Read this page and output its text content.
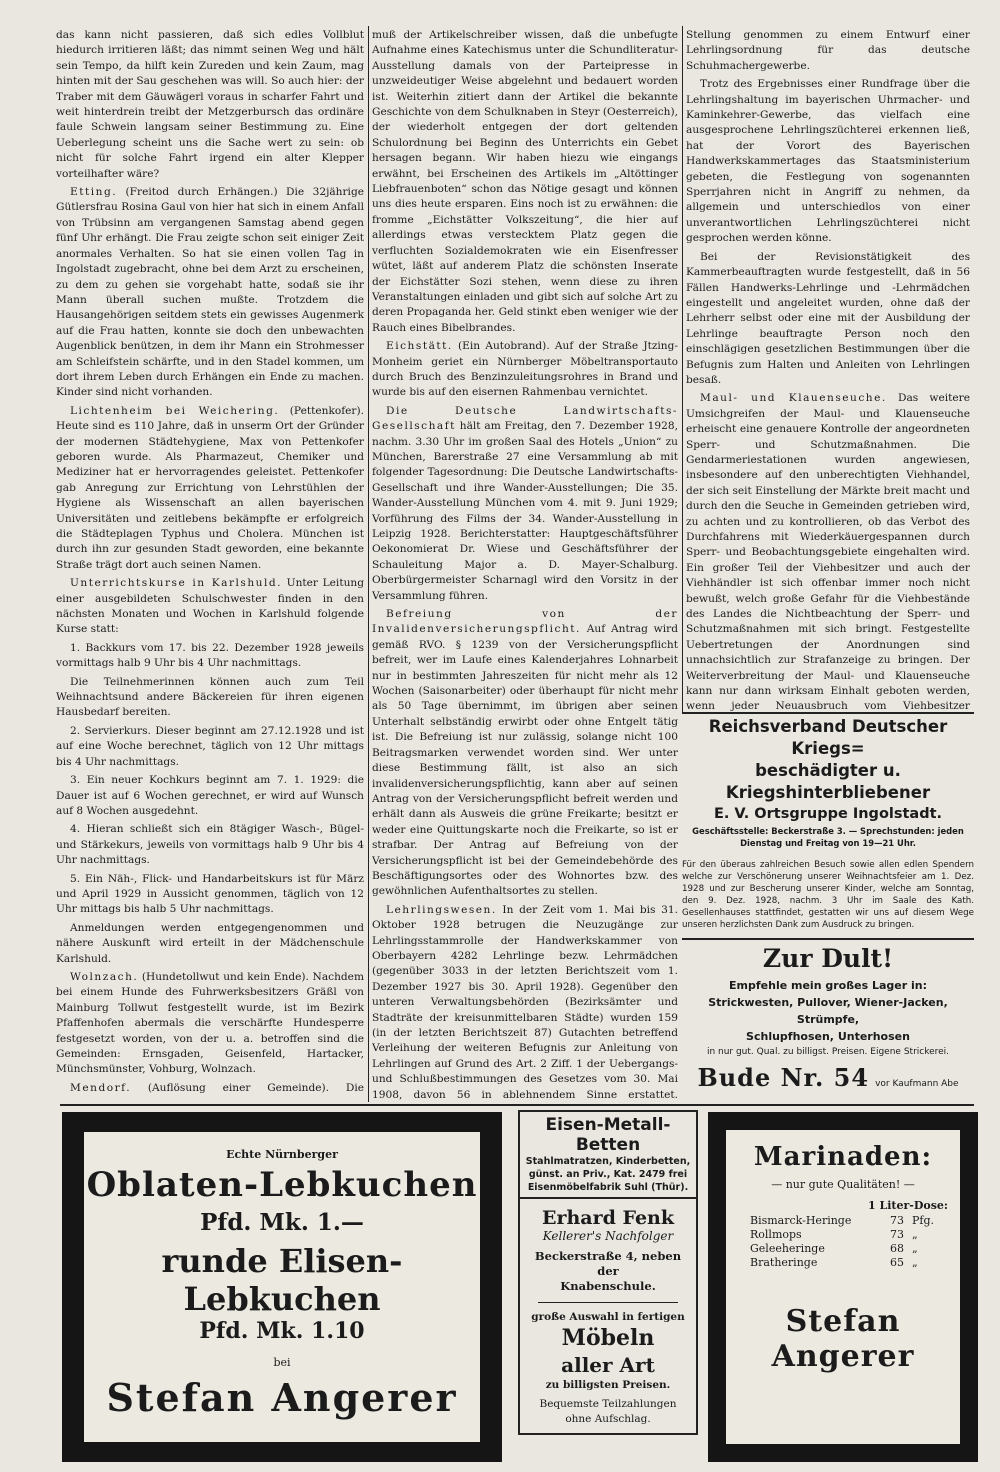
das kann nicht passieren, daß sich edles Vollblut hiedurch irritieren läßt; das nimmt seinen Weg und hält sein Tempo, da hilft kein Zureden und kein Zaum, mag hinten mit der Sau geschehen was will. So auch hier: der Traber mit dem Gäuwägerl voraus in scharfer Fahrt und weit hinterdrein treibt der Metzgerbursch das ordinäre faule Schwein langsam seiner Bestimmung zu. Eine Ueberlegung scheint uns die Sache wert zu sein: ob nicht für solche Fahrt irgend ein alter Klepper vorteilhafter wäre?

Etting. (Freitod durch Erhängen.) Die 32jährige Gütlersfrau Rosina Gaul von hier hat sich in einem Anfall von Trübsinn am vergangenen Samstag abend gegen fünf Uhr erhängt. Die Frau zeigte schon seit einiger Zeit anormales Verhalten. So hat sie einen vollen Tag in Ingolstadt zugebracht, ohne bei dem Arzt zu erscheinen, zu dem zu gehen sie vorgehabt hatte, sodaß sie ihr Mann überall suchen mußte. Trotzdem die Hausangehörigen seitdem stets ein gewisses Augenmerk auf die Frau hatten, konnte sie doch den unbewachten Augenblick benützen, in dem ihr Mann ein Strohmesser am Schleifstein schärfte, und in den Stadel kommen, um dort ihrem Leben durch Erhängen ein Ende zu machen. Kinder sind nicht vorhanden.

Lichtenheim bei Weichering. (Pettenkofer). Heute sind es 110 Jahre, daß in unserm Ort der Gründer der modernen Städtehygiene, Max von Pettenkofer geboren wurde. Als Pharmazeut, Chemiker und Mediziner hat er hervorragendes geleistet. Pettenkofer gab Anregung zur Errichtung von Lehrstühlen der Hygiene als Wissenschaft an allen bayerischen Universitäten und zeitlebens bekämpfte er erfolgreich die Städteplagen Typhus und Cholera. München ist durch ihn zur gesunden Stadt geworden, eine bekannte Straße trägt dort auch seinen Namen.

Unterrichtskurse in Karlshuld. Unter Leitung einer ausgebildeten Schulschwester finden in den nächsten Monaten und Wochen in Karlshuld folgende Kurse statt:

1. Backkurs vom 17. bis 22. Dezember 1928 jeweils vormittags halb 9 Uhr bis 4 Uhr nachmittags.

Die Teilnehmerinnen können auch zum Teil Weihnachtsund andere Bäckereien für ihren eigenen Hausbedarf bereiten.

2. Servierkurs. Dieser beginnt am 27.12.1928 und ist auf eine Woche berechnet, täglich von 12 Uhr mittags bis 4 Uhr nachmittags.

3. Ein neuer Kochkurs beginnt am 7. 1. 1929: die Dauer ist auf 6 Wochen gerechnet, er wird auf Wunsch auf 8 Wochen ausgedehnt.

4. Hieran schließt sich ein 8tägiger Wasch-, Bügel- und Stärkekurs, jeweils von vormittags halb 9 Uhr bis 4 Uhr nachmittags.

5. Ein Näh-, Flick- und Handarbeitskurs ist für März und April 1929 in Aussicht genommen, täglich von 12 Uhr mittags bis halb 5 Uhr nachmittags.

Anmeldungen werden entgegengenommen und nähere Auskunft wird erteilt in der Mädchenschule Karlshuld.

Wolnzach. (Hundetollwut und kein Ende). Nachdem bei einem Hunde des Fuhrwerksbesitzers Gräßl von Mainburg Tollwut festgestellt wurde, ist im Bezirk Pfaffenhofen abermals die verschärfte Hundesperre festgesetzt worden, von der u. a. betroffen sind die Gemeinden: Ernsgaden, Geisenfeld, Hartacker, Münchsmünster, Vohburg, Wolnzach.

Mendorf. (Auflösung einer Gemeinde). Die

muß der Artikelschreiber wissen, daß die unbefugte Aufnahme eines Katechismus unter die Schundliteratur-Ausstellung damals von der Parteipresse in unzweideutiger Weise abgelehnt und bedauert worden ist. Weiterhin zitiert dann der Artikel die bekannte Geschichte von dem Schulknaben in Steyr (Oesterreich), der wiederholt entgegen der dort geltenden Schulordnung bei Beginn des Unterrichts ein Gebet hersagen begann. Wir haben hiezu wie eingangs erwähnt, bei Erscheinen des Artikels im „Altöttinger Liebfrauenboten“ schon das Nötige gesagt und können uns dies heute ersparen. Eins noch ist zu erwähnen: die fromme „Eichstätter Volkszeitung“, die hier auf allerdings etwas verstecktem Platz gegen die verfluchten Sozialdemokraten wie ein Eisenfresser wütet, läßt auf anderem Platz die schönsten Inserate der Eichstätter Sozi stehen, wenn diese zu ihren Veranstaltungen einladen und gibt sich auf solche Art zu deren Propaganda her. Geld stinkt eben weniger wie der Rauch eines Bibelbrandes.

Eichstätt. (Ein Autobrand). Auf der Straße Jtzing-Monheim geriet ein Nürnberger Möbeltransportauto durch Bruch des Benzinzuleitungsrohres in Brand und wurde bis auf den eisernen Rahmenbau vernichtet.

Die Deutsche Landwirtschafts-Gesellschaft hält am Freitag, den 7. Dezember 1928, nachm. 3.30 Uhr im großen Saal des Hotels „Union“ zu München, Barerstraße 27 eine Versammlung ab mit folgender Tagesordnung: Die Deutsche Landwirtschafts-Gesellschaft und ihre Wander-Ausstellungen; Die 35. Wander-Ausstellung München vom 4. mit 9. Juni 1929; Vorführung des Films der 34. Wander-Ausstellung in Leipzig 1928. Berichterstatter: Hauptgeschäftsführer Oekonomierat Dr. Wiese und Geschäftsführer der Schauleitung Major a. D. Mayer-Schalburg. Oberbürgermeister Scharnagl wird den Vorsitz in der Versammlung führen.

Befreiung von der Invalidenversicherungspflicht. Auf Antrag wird gemäß RVO. § 1239 von der Versicherungspflicht befreit, wer im Laufe eines Kalenderjahres Lohnarbeit nur in bestimmten Jahreszeiten für nicht mehr als 12 Wochen (Saisonarbeiter) oder überhaupt für nicht mehr als 50 Tage übernimmt, im übrigen aber seinen Unterhalt selbständig erwirbt oder ohne Entgelt tätig ist. Die Befreiung ist nur zulässig, solange nicht 100 Beitragsmarken verwendet worden sind. Wer unter diese Bestimmung fällt, ist also an sich invalidenversicherungspflichtig, kann aber auf seinen Antrag von der Versicherungspflicht befreit werden und erhält dann als Ausweis die grüne Freikarte; besitzt er weder eine Quittungskarte noch die Freikarte, so ist er strafbar. Der Antrag auf Befreiung von der Versicherungspflicht ist bei der Gemeindebehörde des Beschäftigungsortes oder des Wohnortes bzw. des gewöhnlichen Aufenthaltsortes zu stellen.

Lehrlingswesen. In der Zeit vom 1. Mai bis 31. Oktober 1928 betrugen die Neuzugänge zur Lehrlingsstammrolle der Handwerkskammer von Oberbayern 4282 Lehrlinge bezw. Lehrmädchen (gegenüber 3033 in der letzten Berichtszeit vom 1. Dezember 1927 bis 30. April 1928). Gegenüber den unteren Verwaltungsbehörden (Bezirksämter und Stadträte der kreisunmittelbaren Städte) wurden 159 (in der letzten Berichtszeit 87) Gutachten betreffend Verleihung der weiteren Befugnis zur Anleitung von Lehrlingen auf Grund des Art. 2 Ziff. 1 der Uebergangs- und Schlußbestimmungen des Gesetzes vom 30. Mai 1908, davon 56 in ablehnendem Sinne erstattet.

Stellung genommen zu einem Entwurf einer Lehrlingsordnung für das deutsche Schuhmachergewerbe.

Trotz des Ergebnisses einer Rundfrage über die Lehrlingshaltung im bayerischen Uhrmacher- und Kaminkehrer-Gewerbe, das vielfach eine ausgesprochene Lehrlingszüchterei erkennen ließ, hat der Vorort des Bayerischen Handwerkskammertages das Staatsministerium gebeten, die Festlegung von sogenannten Sperrjahren nicht in Angriff zu nehmen, da allgemein und unterschiedlos von einer unverantwortlichen Lehrlingszüchterei nicht gesprochen werden könne.

Bei der Revisionstätigkeit des Kammerbeauftragten wurde festgestellt, daß in 56 Fällen Handwerks-Lehrlinge und -Lehrmädchen eingestellt und angeleitet wurden, ohne daß der Lehrherr selbst oder eine mit der Ausbildung der Lehrlinge beauftragte Person noch den einschlägigen gesetzlichen Bestimmungen über die Befugnis zum Halten und Anleiten von Lehrlingen besaß.

Maul- und Klauenseuche. Das weitere Umsichgreifen der Maul- und Klauenseuche erheischt eine genauere Kontrolle der angeordneten Sperr- und Schutzmaßnahmen. Die Gendarmeriestationen wurden angewiesen, insbesondere auf den unberechtigten Viehhandel, der sich seit Einstellung der Märkte breit macht und durch den die Seuche in Gemeinden getrieben wird, zu achten und zu kontrollieren, ob das Verbot des Durchfahrens mit Wiederkäuergespannen durch Sperr- und Beobachtungsgebiete eingehalten wird. Ein großer Teil der Viehbesitzer und auch der Viehhändler ist sich offenbar immer noch nicht bewußt, welch große Gefahr für die Viehbestände des Landes die Nichtbeachtung der Sperr- und Schutzmaßnahmen mit sich bringt. Festgestellte Uebertretungen der Anordnungen sind unnachsichtlich zur Strafanzeige zu bringen. Der Weiterverbreitung der Maul- und Klauenseuche kann nur dann wirksam Einhalt geboten werden, wenn jeder Neuausbruch vom Viehbesitzer

Reichsverband Deutscher Kriegs=

beschädigter u. Kriegshinterbliebener

E. V. Ortsgruppe Ingolstadt.

Geschäftsstelle: Beckerstraße 3. — Sprechstunden: jeden Dienstag und Freitag von 19—21 Uhr.

Für den überaus zahlreichen Besuch sowie allen edlen Spendern welche zur Verschönerung unserer Weihnachtsfeier am 1. Dez. 1928 und zur Bescherung unserer Kinder, welche am Sonntag, den 9. Dez. 1928, nachm. 3 Uhr im Saale des Kath. Gesellenhauses stattfindet, gestatten wir uns auf diesem Wege unseren herzlichsten Dank zum Ausdruck zu bringen.

Zur Dult!

Empfehle mein großes Lager in:

Strickwesten, Pullover, Wiener-Jacken, Strümpfe,

Schlupfhosen, Unterhosen

in nur gut. Qual. zu billigst. Preisen. Eigene Strickerei.

Bude Nr. 54 vor Kaufmann Abe

Echte Nürnberger

Oblaten-Lebkuchen

Pfd. Mk. 1.—

runde Elisen-Lebkuchen

Pfd. Mk. 1.10

bei

Stefan Angerer

Eisen-Metall-Betten

Stahlmatratzen, Kinderbetten, günst. an Priv., Kat. 2479 frei Eisenmöbelfabrik Suhl (Thür).

Erhard Fenk

Kellerer's Nachfolger

Beckerstraße 4, neben der

Knabenschule.

große Auswahl in fertigen

Möbeln

aller Art

zu billigsten Preisen.

Bequemste Teilzahlungen

ohne Aufschlag.

Marinaden:

— nur gute Qualitäten! —

1 Liter-Dose:

Bismarck-Heringe	73	Pfg.
Rollmops	73	„
Geleeheringe	68	„
Bratheringe	65	„

Stefan Angerer
